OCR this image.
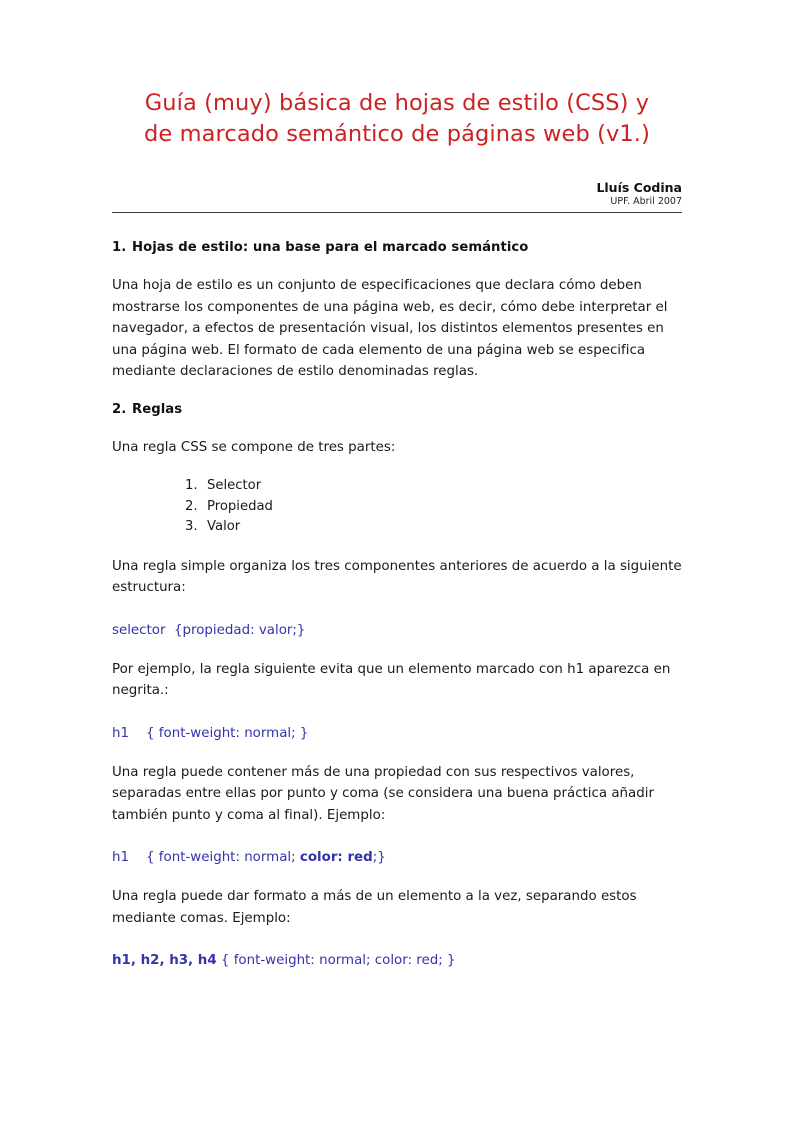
Guía (muy) básica de hojas de estilo (CSS) y
de marcado semántico de páginas web (v1.)
Lluís Codina
UPF. Abril 2007
1. Hojas de estilo: una base para el marcado semántico

Una hoja de estilo es un conjunto de especificaciones que declara cómo deben mostrarse los componentes de una página web, es decir, cómo debe interpretar el navegador, a efectos de presentación visual, los distintos elementos presentes en una página web. El formato de cada elemento de una página web se especifica  mediante declaraciones de estilo denominadas reglas.

2. Reglas

Una regla CSS se compone de tres partes:

1. Selector
2. Propiedad
3. Valor

Una regla simple organiza los tres componentes anteriores de acuerdo a la siguiente estructura:

selector  {propiedad: valor;}

Por ejemplo, la regla siguiente evita que un elemento marcado con h1 aparezca en negrita.:

h1    { font-weight: normal; }

Una regla puede contener más de una propiedad con sus respectivos valores, separadas entre ellas por punto y coma (se considera una buena práctica añadir también punto y coma al final). Ejemplo:

h1    { font-weight: normal; color: red;}

Una regla puede dar formato a más de un elemento a la vez, separando estos mediante comas. Ejemplo:

h1, h2, h3, h4 { font-weight: normal; color: red; }
